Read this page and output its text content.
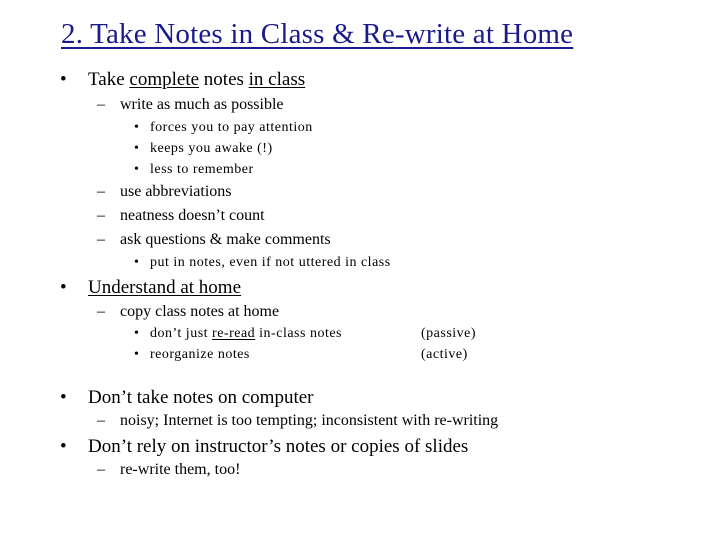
2. Take Notes in Class & Re-write at Home
• Take complete notes in class
– write as much as possible
• forces you to pay attention
• keeps you awake (!)
• less to remember
– use abbreviations
– neatness doesn’t count
– ask questions & make comments
• put in notes, even if not uttered in class
• Understand at home
– copy class notes at home
• don’t just re-read in-class notes	(passive)
• reorganize notes	(active)
• Don’t take notes on computer
– noisy; Internet is too tempting; inconsistent with re-writing
• Don’t rely on instructor’s notes or copies of slides
– re-write them, too!
